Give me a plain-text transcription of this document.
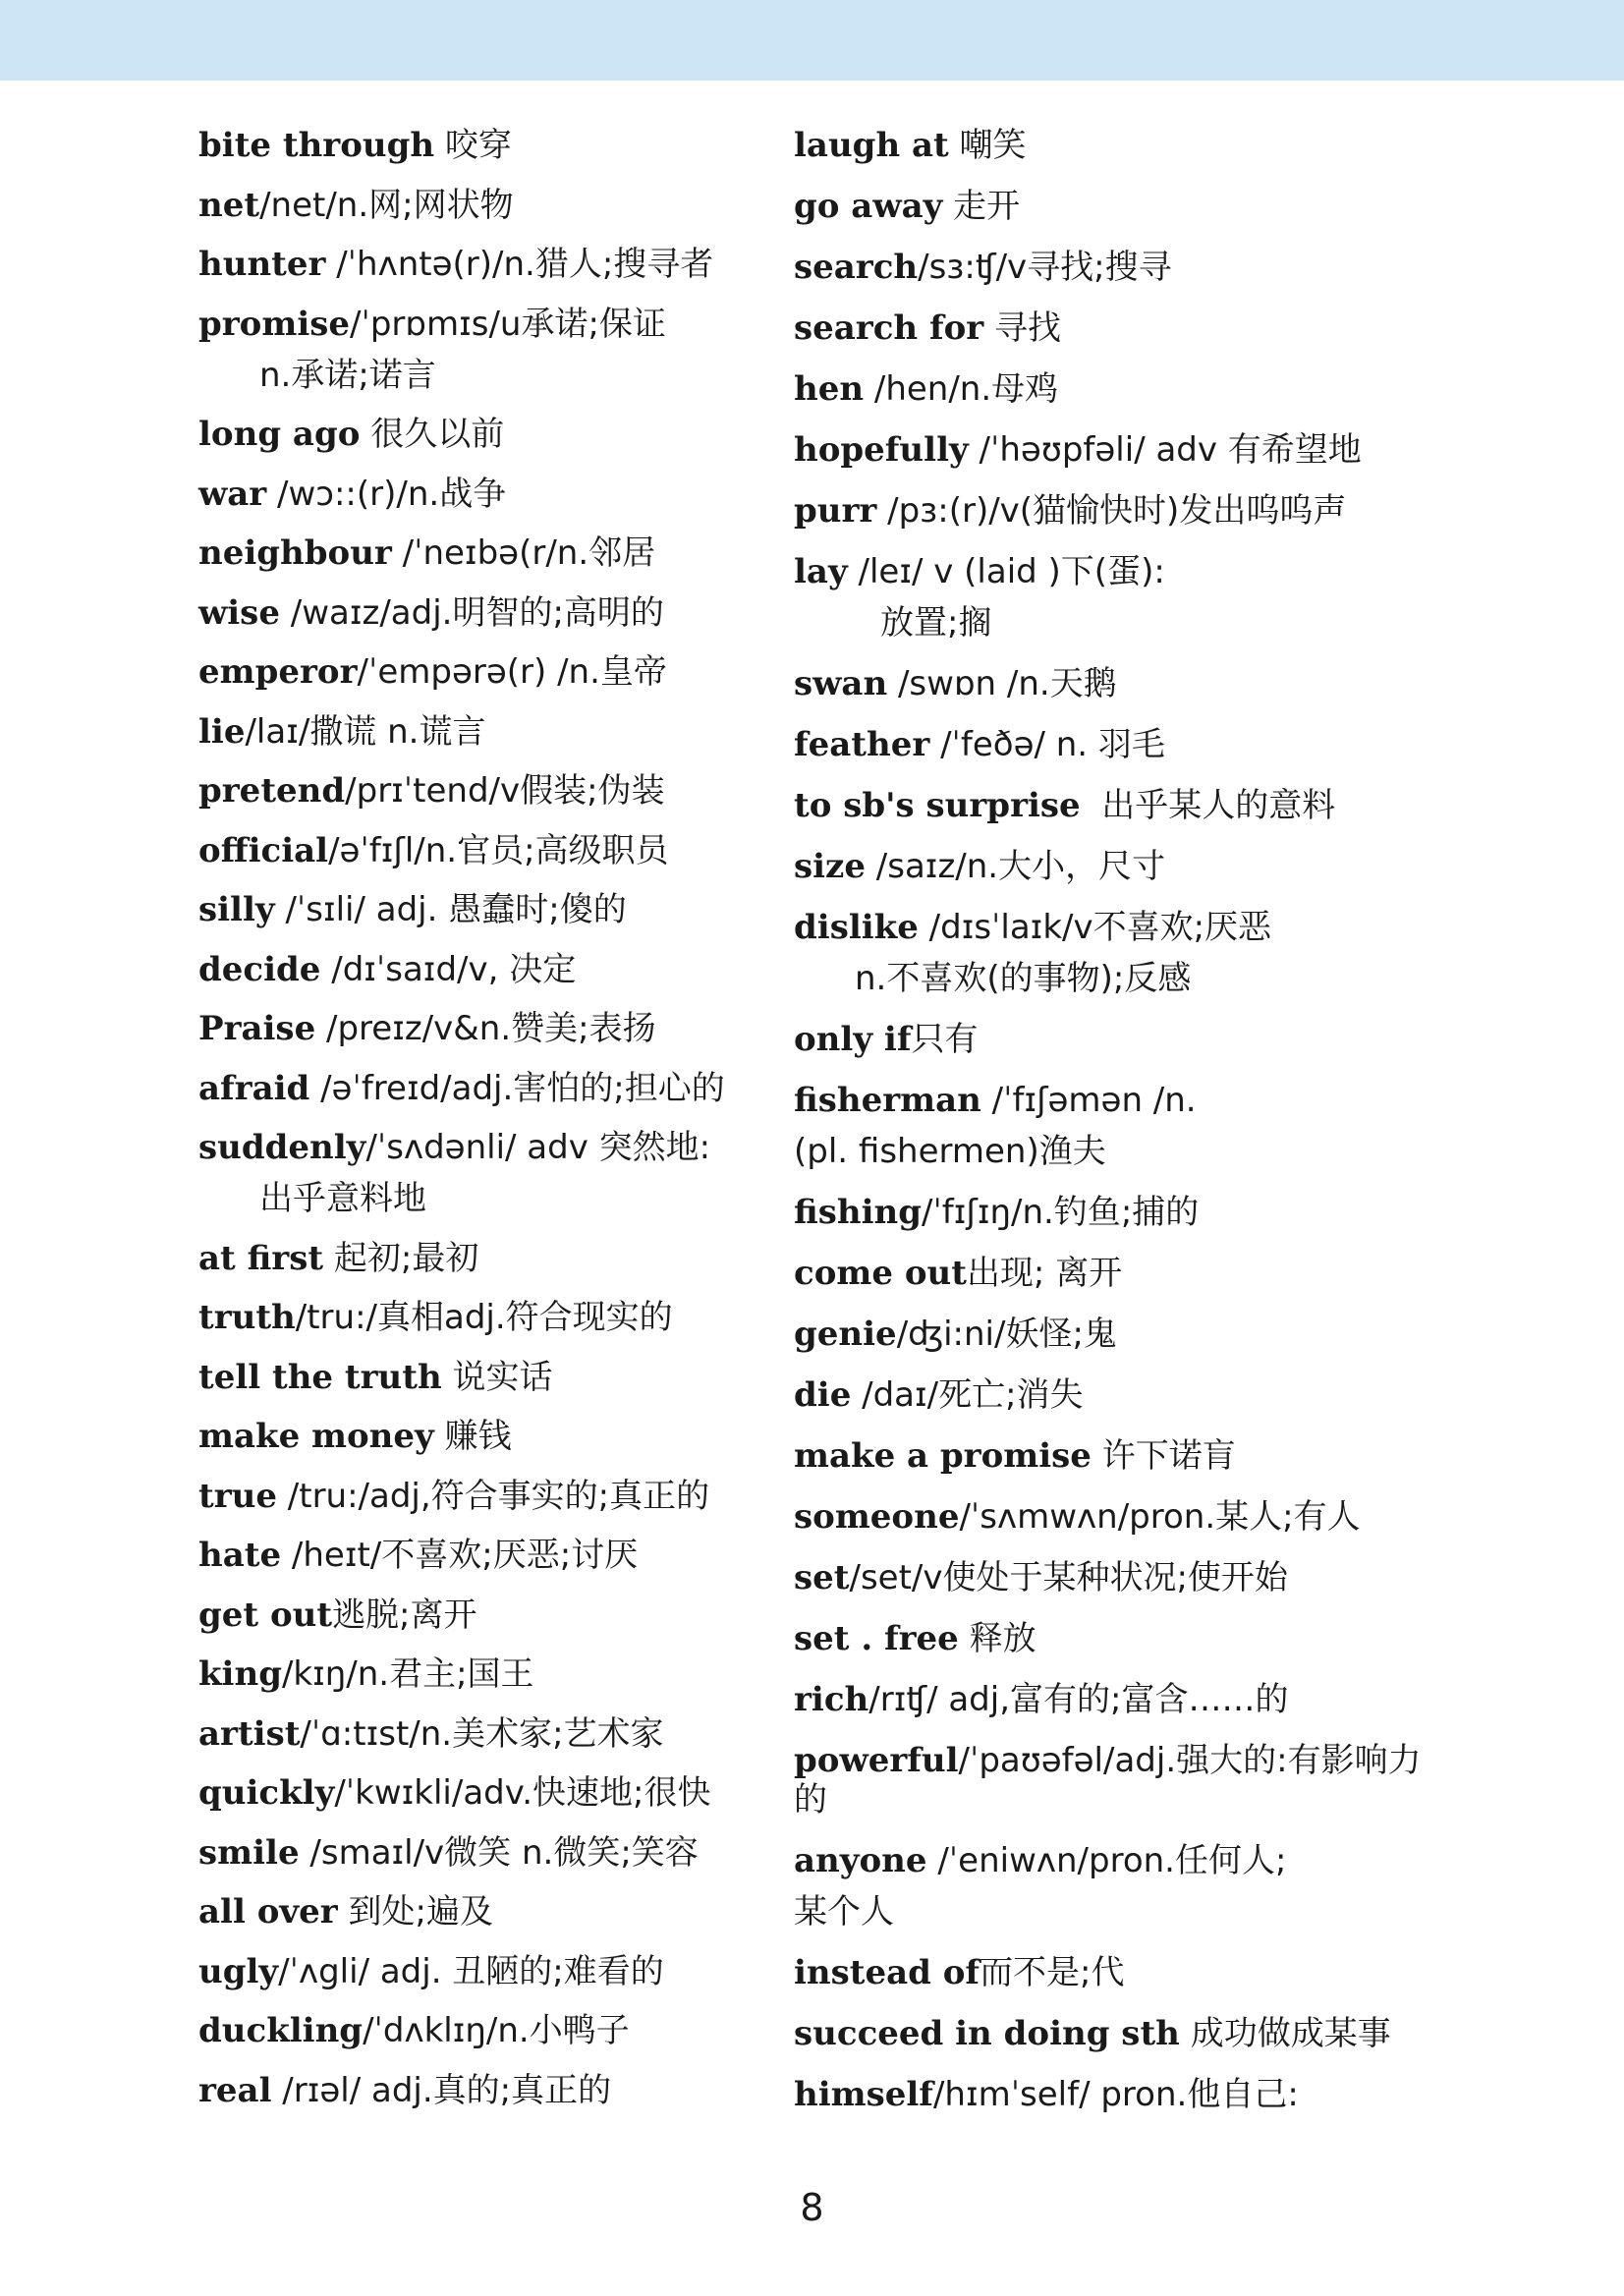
bite through 咬穿
net/net/n.网;网状物
hunter /ˈhʌntə(r)/n.猎人;搜寻者
promise/ˈprɒmɪs/u承诺;保证
n.承诺;诺言
long ago 很久以前
war /wɔ::(r)/n.战争
neighbour /ˈneɪbə(r/n.邻居
wise /waɪz/adj.明智的;高明的
emperor/ˈempərə(r) /n.皇帝
lie/laɪ/撒谎 n.谎言
pretend/prɪˈtend/v假装;伪装
official/əˈfɪʃl/n.官员;高级职员
silly /ˈsɪli/ adj. 愚蠢时;傻的
decide /dɪˈsaɪd/v, 决定
Praise /preɪz/v&n.赞美;表扬
afraid /əˈfreɪd/adj.害怕的;担心的
suddenly/ˈsʌdənli/ adv 突然地:
出乎意料地
at first 起初;最初
truth/tru:/真相adj.符合现实的
tell the truth 说实话
make money 赚钱
true /tru:/adj,符合事实的;真正的
hate /heɪt/不喜欢;厌恶;讨厌
get out逃脱;离开
king/kɪŋ/n.君主;国王
artist/ˈɑ:tɪst/n.美术家;艺术家
quickly/ˈkwɪkli/adv.快速地;很快
smile /smaɪl/v微笑 n.微笑;笑容
all over 到处;遍及
ugly/ˈʌgli/ adj. 丑陋的;难看的
duckling/ˈdʌklɪŋ/n.小鸭子
real /rɪəl/ adj.真的;真正的
laugh at 嘲笑
go away 走开
search/sɜ:ʧ/v寻找;搜寻
search for 寻找
hen /hen/n.母鸡
hopefully /ˈhəʊpfəli/ adv 有希望地
purr /pɜ:(r)/v(猫愉快时)发出呜呜声
lay /leɪ/ v (laid )下(蛋):
放置;搁
swan /swɒn /n.天鹅
feather /ˈfeðə/ n. 羽毛
to sb's surprise  出乎某人的意料
size /saɪz/n.大小，尺寸
dislike /dɪsˈlaɪk/v不喜欢;厌恶
n.不喜欢(的事物);反感
only if只有
fisherman /ˈfɪʃəmən /n.
(pl. fishermen)渔夫
fishing/ˈfɪʃɪŋ/n.钓鱼;捕的
come out出现; 离开
genie/ʤi:ni/妖怪;鬼
die /daɪ/死亡;消失
make a promise 许下诺肓
someone/ˈsʌmwʌn/pron.某人;有人
set/set/v使处于某种状况;使开始
set . free 释放
rich/rɪʧ/ adj,富有的;富含……的
powerful/ˈpaʊəfəl/adj.强大的:有影响力的
anyone /ˈeniwʌn/pron.任何人;
某个人
instead of而不是;代
succeed in doing sth 成功做成某事
himself/hɪmˈself/ pron.他自己:
8
